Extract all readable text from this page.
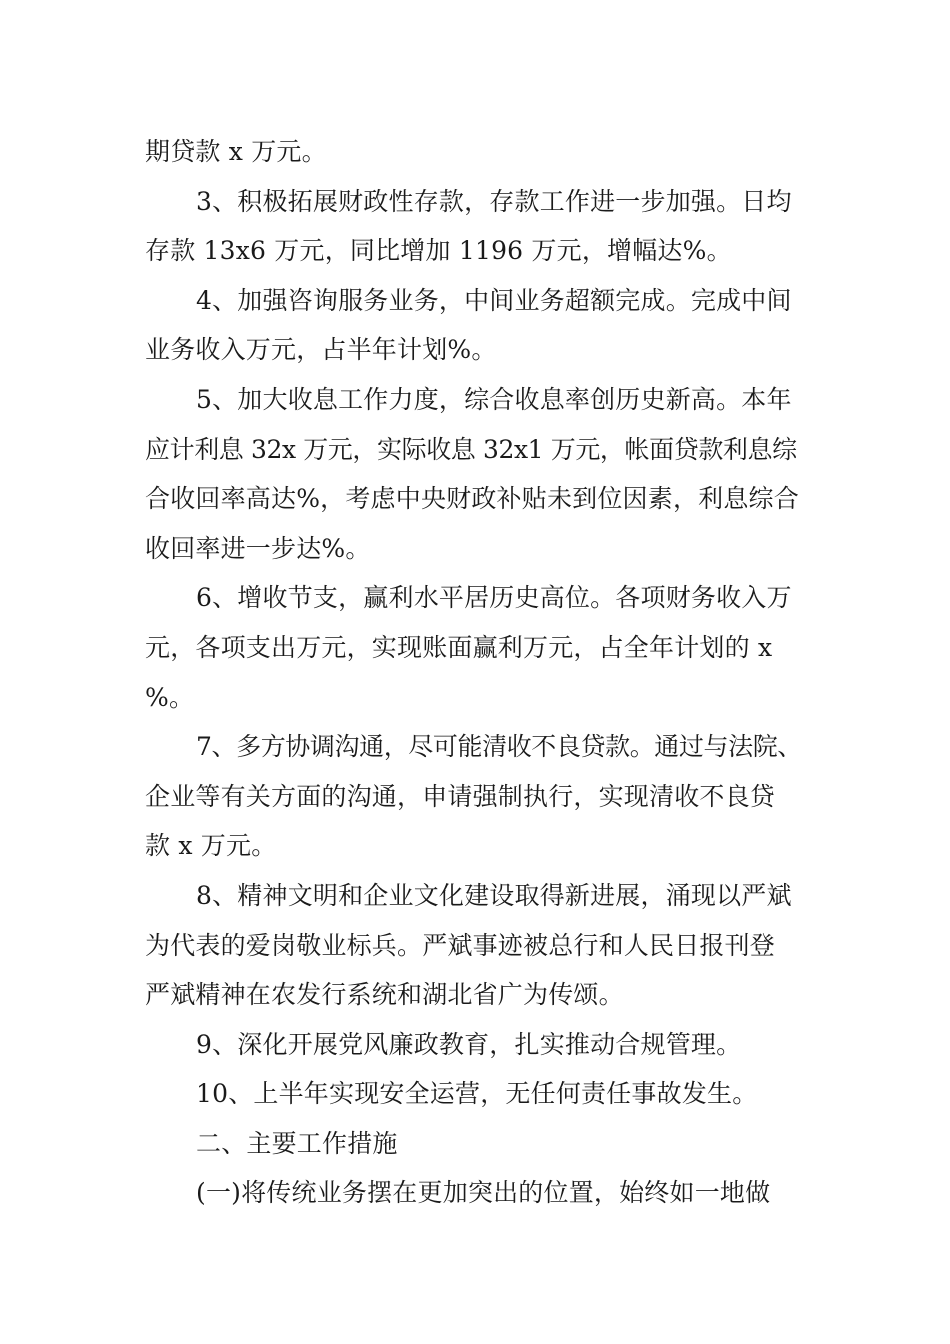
期贷款 x 万元。
3、积极拓展财政性存款，存款工作进一步加强。日均
存款 13x6 万元，同比增加 1196 万元，增幅达%。
4、加强咨询服务业务，中间业务超额完成。完成中间
业务收入万元，占半年计划%。
5、加大收息工作力度，综合收息率创历史新高。本年
应计利息 32x 万元，实际收息 32x1 万元，帐面贷款利息综
合收回率高达%，考虑中央财政补贴未到位因素，利息综合
收回率进一步达%。
6、增收节支，赢利水平居历史高位。各项财务收入万
元，各项支出万元，实现账面赢利万元，占全年计划的 x
%。
7、多方协调沟通，尽可能清收不良贷款。通过与法院、
企业等有关方面的沟通，申请强制执行，实现清收不良贷
款 x 万元。
8、精神文明和企业文化建设取得新进展，涌现以严斌
为代表的爱岗敬业标兵。严斌事迹被总行和人民日报刊登
严斌精神在农发行系统和湖北省广为传颂。
9、深化开展党风廉政教育，扎实推动合规管理。
10、上半年实现安全运营，无任何责任事故发生。
二、主要工作措施
(一)将传统业务摆在更加突出的位置，始终如一地做
